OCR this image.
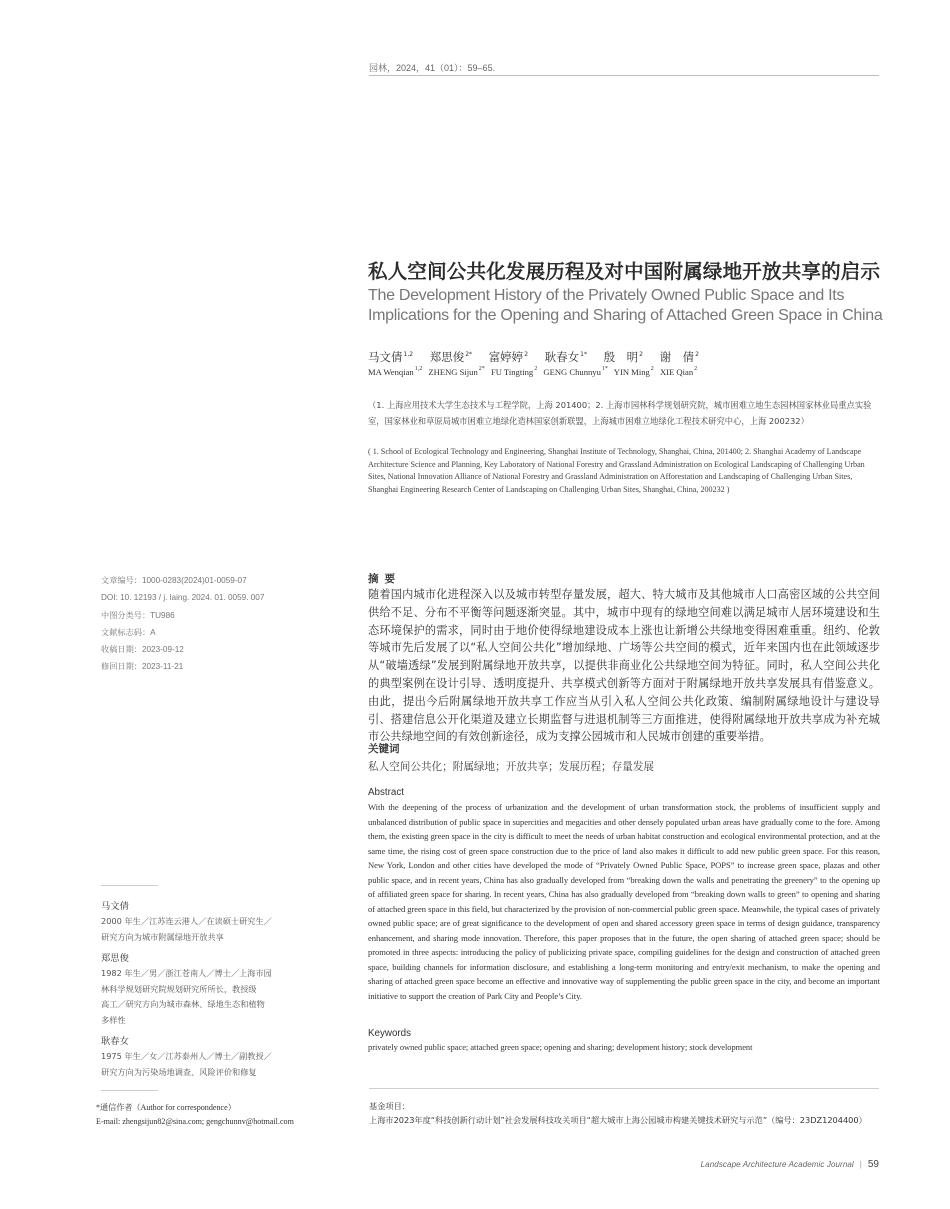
园林，2024，41（01）：59–65.
私人空间公共化发展历程及对中国附属绿地开放共享的启示
The Development History of the Privately Owned Public Space and Its Implications for the Opening and Sharing of Attached Green Space in China
马文倩$^{1,2}$ 郑思俊$^{2*}$ 富婷婷$^2$ 耿春女$^{1*}$ 殷　明$^2$ 谢　倩$^2$
MA Wenqian$^{1,2}$ ZHENG Sijun$^{2*}$ FU Tingting$^2$ GENG Chunnyu$^{1*}$ YIN Ming$^2$ XIE Qian$^2$
（1. 上海应用技术大学生态技术与工程学院，上海 201400；2. 上海市园林科学规划研究院，城市困难立地生态园林国家林业局重点实验室，国家林业和草原局城市困难立地绿化造林国家创新联盟，上海城市困难立地绿化工程技术研究中心，上海 200232）
( 1. School of Ecological Technology and Engineering, Shanghai Institute of Technology, Shanghai, China, 201400; 2. Shanghai Academy of Landscape Architecture Science and Planning, Key Laboratory of National Forestry and Grassland Administration on Ecological Landscaping of Challenging Urban Sites, National Innovation Alliance of National Forestry and Grassland Administration on Afforestation and Landscaping of Challenging Urban Sites, Shanghai Engineering Research Center of Landscaping on Challenging Urban Sites, Shanghai, China, 200232 )
文章编号：1000-0283(2024)01-0059-07
DOI: 10. 12193 / j. laing. 2024. 01. 0059. 007
中图分类号：TU986
文献标志码：A
收稿日期：2023-09-12
修回日期：2023-11-21
马文倩
2000 年生／江苏连云港人／在读硕士研究生／
研究方向为城市附属绿地开放共享
郑思俊
1982 年生／男／浙江苍南人／博士／上海市园
林科学规划研究院规划研究所所长，教授级
高工／研究方向为城市森林、绿地生态和植物
多样性
耿春女
1975 年生／女／江苏泰州人／博士／副教授／
研究方向为污染场地调查、风险评价和修复
*通信作者（Author for correspondence）
E-mail: zhengsijun82@sina.com; gengchunnv@hotmail.com
摘要
随着国内城市化进程深入以及城市转型存量发展，超大、特大城市及其他城市人口高密区域的公共空间供给不足、分布不平衡等问题逐渐突显。其中，城市中现有的绿地空间难以满足城市人居环境建设和生态环境保护的需求，同时由于地价使得绿地建设成本上涨也让新增公共绿地变得困难重重。纽约、伦敦等城市先后发展了以“私人空间公共化”增加绿地、广场等公共空间的模式，近年来国内也在此领域逐步从“破墙透绿”发展到附属绿地开放共享，以提供非商业化公共绿地空间为特征。同时，私人空间公共化的典型案例在设计引导、透明度提升、共享模式创新等方面对于附属绿地开放共享发展具有借鉴意义。由此，提出今后附属绿地开放共享工作应当从引入私人空间公共化政策、编制附属绿地设计与建设导引、搭建信息公开化渠道及建立长期监督与进退机制等三方面推进，使得附属绿地开放共享成为补充城市公共绿地空间的有效创新途径，成为支撑公园城市和人民城市创建的重要举措。
关键词
私人空间公共化；附属绿地；开放共享；发展历程；存量发展
Abstract
With the deepening of the process of urbanization and the development of urban transformation stock, the problems of insufficient supply and unbalanced distribution of public space in supercities and megacities and other densely populated urban areas have gradually come to the fore. Among them, the existing green space in the city is difficult to meet the needs of urban habitat construction and ecological environmental protection, and at the same time, the rising cost of green space construction due to the price of land also makes it difficult to add new public green space. For this reason, New York, London and other cities have developed the mode of “Privately Owned Public Space, POPS” to increase green space, plazas and other public space, and in recent years, China has also gradually developed from “breaking down the walls and penetrating the greenery” to the opening up of affiliated green space for sharing. In recent years, China has also gradually developed from “breaking down walls to green” to opening and sharing of attached green space in this field, but characterized by the provision of non-commercial public green space. Meanwhile, the typical cases of privately owned public space; are of great significance to the development of open and shared accessory green space in terms of design guidance, transparency enhancement, and sharing mode innovation. Therefore, this paper proposes that in the future, the open sharing of attached green space; should be promoted in three aspects: introducing the policy of publicizing private space, compiling guidelines for the design and construction of attached green space, building channels for information disclosure, and establishing a long-term monitoring and entry/exit mechanism, to make the opening and sharing of attached green space become an effective and innovative way of supplementing the public green space in the city, and become an important initiative to support the creation of Park City and People’s City.
Keywords
privately owned public space; attached green space; opening and sharing; development history; stock development
基金项目：
上海市2023年度“科技创新行动计划”社会发展科技攻关项目“超大城市上海公园城市构建关键技术研究与示范”（编号：23DZ1204400）
Landscape Architecture Academic Journal | 59
